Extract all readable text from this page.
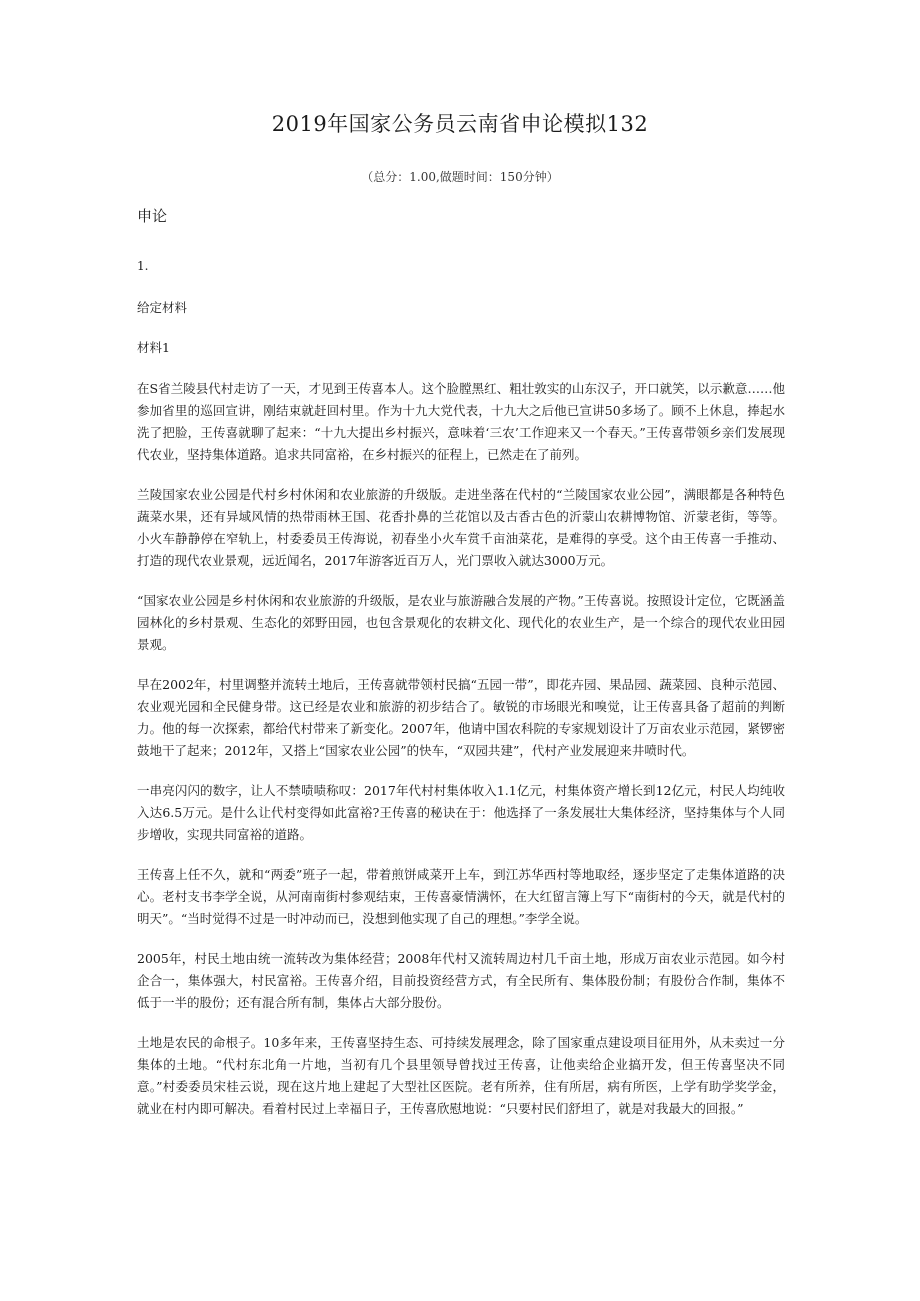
2019年国家公务员云南省申论模拟132
（总分：1.00,做题时间：150分钟）
申论
1.
给定材料
材料1

在S省兰陵县代村走访了一天，才见到王传喜本人。这个脸膛黑红、粗壮敦实的山东汉子，开口就笑，以示歉意……他参加省里的巡回宣讲，刚结束就赶回村里。作为十九大党代表，十九大之后他已宣讲50多场了。顾不上休息，捧起水洗了把脸，王传喜就聊了起来：“十九大提出乡村振兴，意味着‘三农’工作迎来又一个春天。”王传喜带领乡亲们发展现代农业，坚持集体道路。追求共同富裕，在乡村振兴的征程上，已然走在了前列。

兰陵国家农业公园是代村乡村休闲和农业旅游的升级版。走进坐落在代村的“兰陵国家农业公园”，满眼都是各种特色蔬菜水果，还有异域风情的热带雨林王国、花香扑鼻的兰花馆以及古香古色的沂蒙山农耕博物馆、沂蒙老街，等等。小火车静静停在窄轨上，村委委员王传海说，初春坐小火车赏千亩油菜花，是难得的享受。这个由王传喜一手推动、打造的现代农业景观，远近闻名，2017年游客近百万人，光门票收入就达3000万元。

“国家农业公园是乡村休闲和农业旅游的升级版，是农业与旅游融合发展的产物。”王传喜说。按照设计定位，它既涵盖园林化的乡村景观、生态化的郊野田园，也包含景观化的农耕文化、现代化的农业生产，是一个综合的现代农业田园景观。

早在2002年，村里调整并流转土地后，王传喜就带领村民搞“五园一带”，即花卉园、果品园、蔬菜园、良种示范园、农业观光园和全民健身带。这已经是农业和旅游的初步结合了。敏锐的市场眼光和嗅觉，让王传喜具备了超前的判断力。他的每一次探索，都给代村带来了新变化。2007年，他请中国农科院的专家规划设计了万亩农业示范园，紧锣密鼓地干了起来；2012年，又搭上“国家农业公园”的快车，“双园共建”，代村产业发展迎来井喷时代。

一串亮闪闪的数字，让人不禁啧啧称叹：2017年代村村集体收入1.1亿元，村集体资产增长到12亿元，村民人均纯收入达6.5万元。是什么让代村变得如此富裕?王传喜的秘诀在于：他选择了一条发展壮大集体经济，坚持集体与个人同步增收，实现共同富裕的道路。

王传喜上任不久，就和“两委”班子一起，带着煎饼咸菜开上车，到江苏华西村等地取经，逐步坚定了走集体道路的决心。老村支书李学全说，从河南南街村参观结束，王传喜豪情满怀，在大红留言簿上写下“南街村的今天，就是代村的明天”。“当时觉得不过是一时冲动而已，没想到他实现了自己的理想。”李学全说。

2005年，村民土地由统一流转改为集体经营；2008年代村又流转周边村几千亩土地，形成万亩农业示范园。如今村企合一，集体强大，村民富裕。王传喜介绍，目前投资经营方式，有全民所有、集体股份制；有股份合作制，集体不低于一半的股份；还有混合所有制，集体占大部分股份。

土地是农民的命根子。10多年来，王传喜坚持生态、可持续发展理念，除了国家重点建设项目征用外，从未卖过一分集体的土地。“代村东北角一片地，当初有几个县里领导曾找过王传喜，让他卖给企业搞开发，但王传喜坚决不同意。”村委委员宋桂云说，现在这片地上建起了大型社区医院。老有所养，住有所居，病有所医，上学有助学奖学金，就业在村内即可解决。看着村民过上幸福日子，王传喜欣慰地说：“只要村民们舒坦了，就是对我最大的回报。”
